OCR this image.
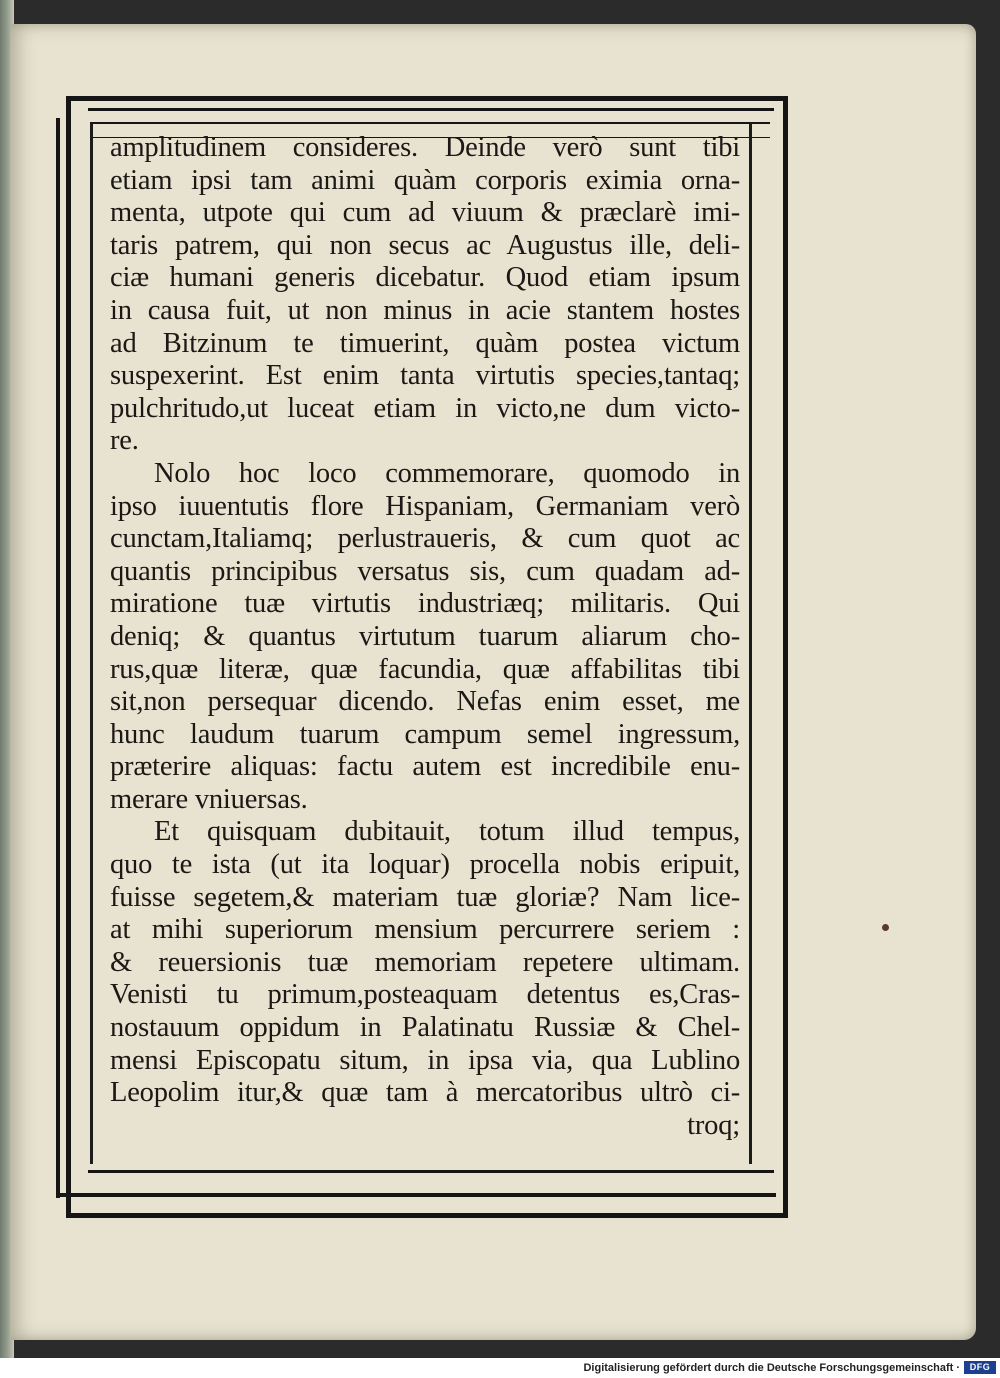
amplitudinem consideres. Deinde verò sunt tibi
etiam ipsi tam animi quàm corporis eximia orna-
menta, utpote qui cum ad viuum & præclarè imi-
taris patrem, qui non secus ac Augustus ille, deli-
ciæ humani generis dicebatur. Quod etiam ipsum
in causa fuit, ut non minus in acie stantem hostes
ad Bitzinum te timuerint, quàm postea victum
suspexerint. Est enim tanta virtutis species,tantaq;
pulchritudo,ut luceat etiam in victo,ne dum victo-
re.
Nolo hoc loco commemorare, quomodo in
ipso iuuentutis flore Hispaniam, Germaniam verò
cunctam,Italiamq; perlustraueris, & cum quot ac
quantis principibus versatus sis, cum quadam ad-
miratione tuæ virtutis industriæq; militaris. Qui
deniq; & quantus virtutum tuarum aliarum cho-
rus,quæ literæ, quæ facundia, quæ affabilitas tibi
sit,non persequar dicendo. Nefas enim esset, me
hunc laudum tuarum campum semel ingressum,
præterire aliquas: factu autem est incredibile enu-
merare vniuersas.
Et quisquam dubitauit, totum illud tempus,
quo te ista (ut ita loquar) procella nobis eripuit,
fuisse segetem,& materiam tuæ gloriæ? Nam lice-
at mihi superiorum mensium percurrere seriem :
& reuersionis tuæ memoriam repetere ultimam.
Venisti tu primum,posteaquam detentus es,Cras-
nostauum oppidum in Palatinatu Russiæ & Chel-
mensi Episcopatu situm, in ipsa via, qua Lublino
Leopolim itur,& quæ tam à mercatoribus ultrò ci-
troq;
Digitalisierung gefördert durch die Deutsche Forschungsgemeinschaft ·	DFG
